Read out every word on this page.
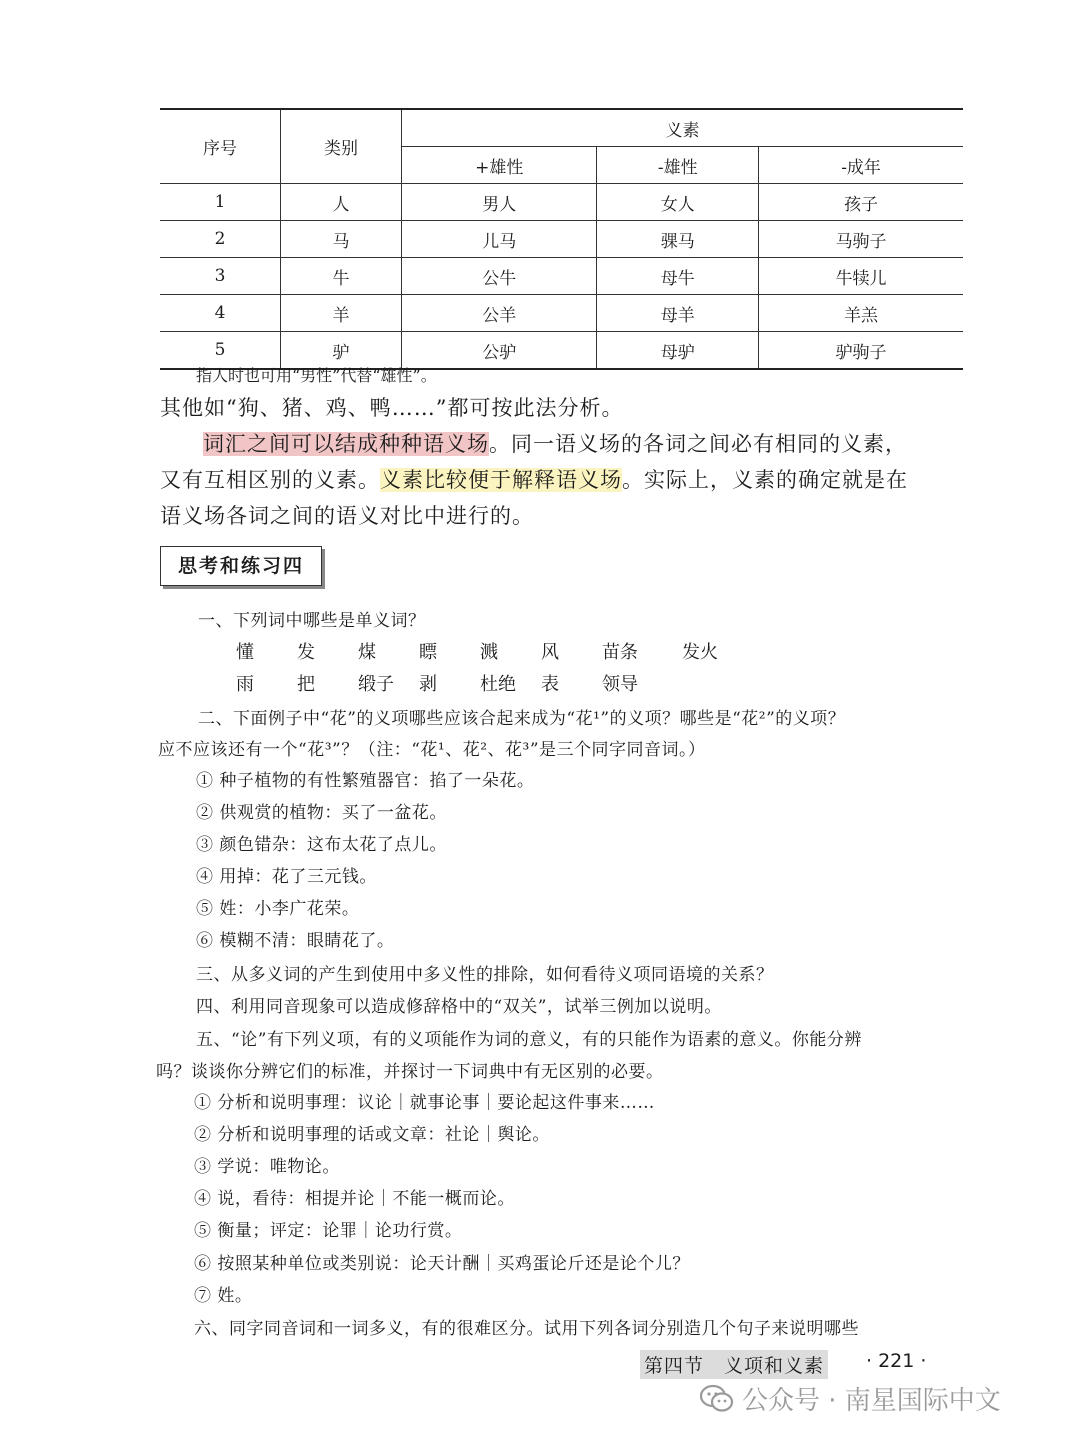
序号	类别	义素		
		+雄性	-雄性	-成年
1	人	男人	女人	孩子
2	马	儿马	骒马	马驹子
3	牛	公牛	母牛	牛犊儿
4	羊	公羊	母羊	羊羔
5	驴	公驴	母驴	驴驹子
指人时也可用“男性”代替“雄性”。
其他如“狗、猪、鸡、鸭……”都可按此法分析。
词汇之间可以结成种种语义场。同一语义场的各词之间必有相同的义素，
又有互相区别的义素。义素比较便于解释语义场。实际上，义素的确定就是在
语义场各词之间的语义对比中进行的。
思考和练习四
一、下列词中哪些是单义词？
懂 发 煤 瞟 溅 风 苗条 发火
雨 把 缎子 剥 杜绝 表 领导
二、下面例子中“花”的义项哪些应该合起来成为“花¹”的义项？哪些是“花²”的义项？
应不应该还有一个“花³”？（注：“花¹、花²、花³”是三个同字同音词。）
① 种子植物的有性繁殖器官：掐了一朵花。
② 供观赏的植物：买了一盆花。
③ 颜色错杂：这布太花了点儿。
④ 用掉：花了三元钱。
⑤ 姓：小李广花荣。
⑥ 模糊不清：眼睛花了。
三、从多义词的产生到使用中多义性的排除，如何看待义项同语境的关系？
四、利用同音现象可以造成修辞格中的“双关”，试举三例加以说明。
五、“论”有下列义项，有的义项能作为词的意义，有的只能作为语素的意义。你能分辨
吗？谈谈你分辨它们的标准，并探讨一下词典中有无区别的必要。
① 分析和说明事理：议论｜就事论事｜要论起这件事来……
② 分析和说明事理的话或文章：社论｜舆论。
③ 学说：唯物论。
④ 说，看待：相提并论｜不能一概而论。
⑤ 衡量；评定：论罪｜论功行赏。
⑥ 按照某种单位或类别说：论天计酬｜买鸡蛋论斤还是论个儿？
⑦ 姓。
六、同字同音词和一词多义，有的很难区分。试用下列各词分别造几个句子来说明哪些
第四节　义项和义素 · 221 ·
公众号 · 南星国际中文
